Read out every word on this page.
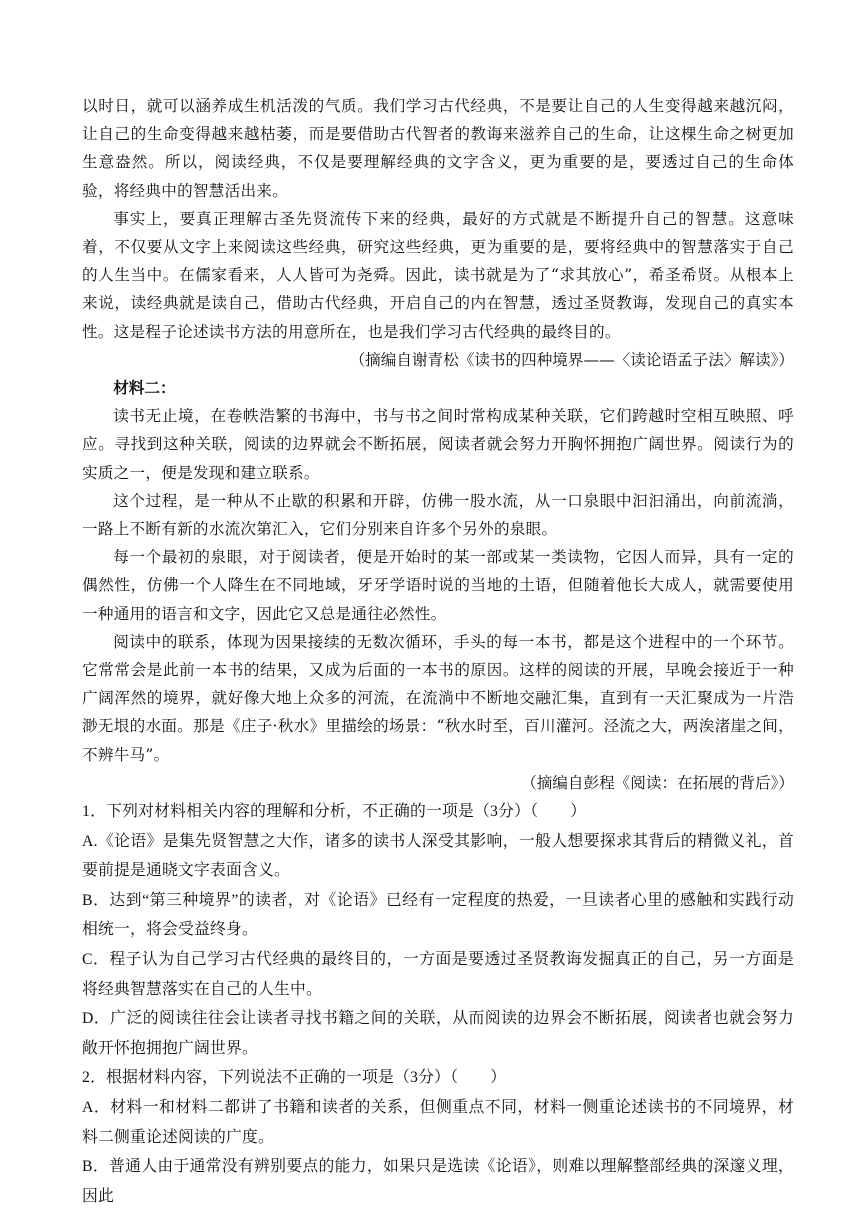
以时日，就可以涵养成生机活泼的气质。我们学习古代经典，不是要让自己的人生变得越来越沉闷，让自己的生命变得越来越枯萎，而是要借助古代智者的教诲来滋养自己的生命，让这棵生命之树更加生意盎然。所以，阅读经典，不仅是要理解经典的文字含义，更为重要的是，要透过自己的生命体验，将经典中的智慧活出来。

事实上，要真正理解古圣先贤流传下来的经典，最好的方式就是不断提升自己的智慧。这意味着，不仅要从文字上来阅读这些经典，研究这些经典，更为重要的是，要将经典中的智慧落实于自己的人生当中。在儒家看来，人人皆可为尧舜。因此，读书就是为了“求其放心”，希圣希贤。从根本上来说，读经典就是读自己，借助古代经典，开启自己的内在智慧，透过圣贤教诲，发现自己的真实本性。这是程子论述读书方法的用意所在，也是我们学习古代经典的最终目的。

（摘编自谢青松《读书的四种境界——〈读论语孟子法〉解读》）

材料二：

读书无止境，在卷帙浩繁的书海中，书与书之间时常构成某种关联，它们跨越时空相互映照、呼应。寻找到这种关联，阅读的边界就会不断拓展，阅读者就会努力开胸怀拥抱广阔世界。阅读行为的实质之一，便是发现和建立联系。

这个过程，是一种从不止歇的积累和开辟，仿佛一股水流，从一口泉眼中汩汩涌出，向前流淌，一路上不断有新的水流次第汇入，它们分别来自许多个另外的泉眼。

每一个最初的泉眼，对于阅读者，便是开始时的某一部或某一类读物，它因人而异，具有一定的偶然性，仿佛一个人降生在不同地域，牙牙学语时说的当地的土语，但随着他长大成人，就需要使用一种通用的语言和文字，因此它又总是通往必然性。

阅读中的联系，体现为因果接续的无数次循环，手头的每一本书，都是这个进程中的一个环节。它常常会是此前一本书的结果，又成为后面的一本书的原因。这样的阅读的开展，早晚会接近于一种广阔浑然的境界，就好像大地上众多的河流，在流淌中不断地交融汇集，直到有一天汇聚成为一片浩渺无垠的水面。那是《庄子·秋水》里描绘的场景：“秋水时至，百川灌河。泾流之大，两涘渚崖之间，不辨牛马”。

（摘编自彭程《阅读：在拓展的背后》）

1．下列对材料相关内容的理解和分析，不正确的一项是（3分）（　　）

A.《论语》是集先贤智慧之大作，诸多的读书人深受其影响，一般人想要探求其背后的精微义礼，首要前提是通晓文字表面含义。

B．达到“第三种境界”的读者，对《论语》已经有一定程度的热爱，一旦读者心里的感触和实践行动相统一，将会受益终身。

C．程子认为自己学习古代经典的最终目的，一方面是要透过圣贤教诲发掘真正的自己，另一方面是将经典智慧落实在自己的人生中。

D．广泛的阅读往往会让读者寻找书籍之间的关联，从而阅读的边界会不断拓展，阅读者也就会努力敞开怀抱拥抱广阔世界。

2．根据材料内容，下列说法不正确的一项是（3分）（　　）

A．材料一和材料二都讲了书籍和读者的关系，但侧重点不同，材料一侧重论述读书的不同境界，材料二侧重论述阅读的广度。

B．普通人由于通常没有辨别要点的能力，如果只是选读《论语》，则难以理解整部经典的深邃义理，因此
